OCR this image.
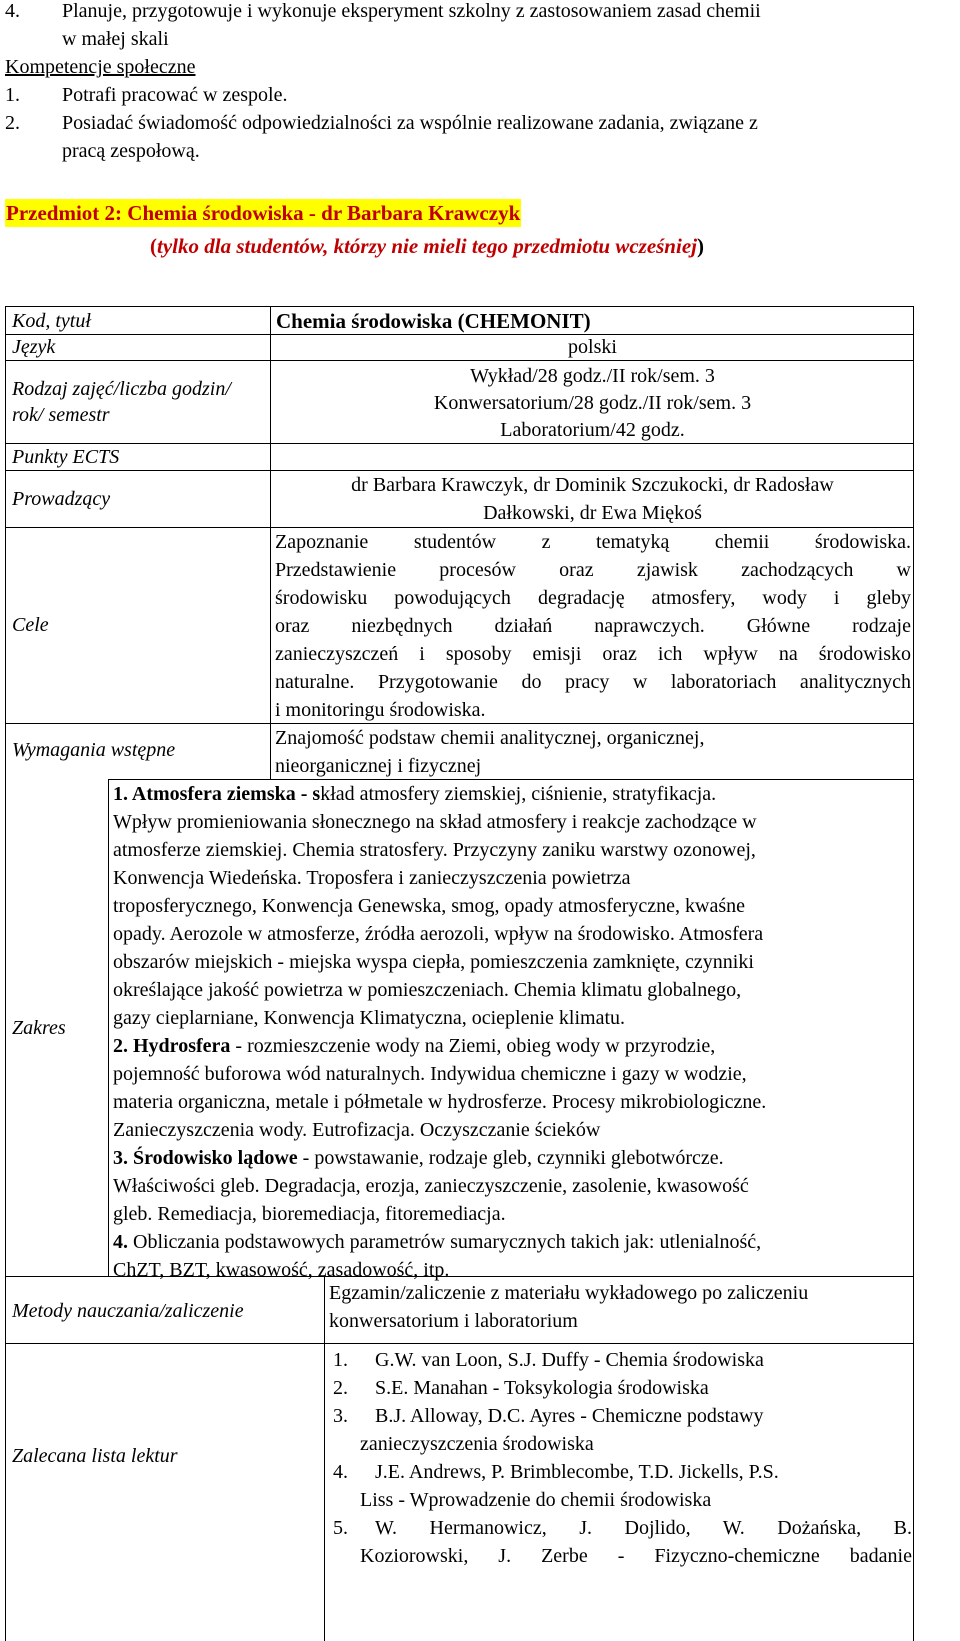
4. Planuje, przygotowuje i wykonuje eksperyment szkolny z zastosowaniem zasad chemii
w małej skali
Kompetencje społeczne
1. Potrafi pracować w zespole.
2. Posiadać świadomość odpowiedzialności za wspólnie realizowane zadania, związane z
pracą zespołową.
Przedmiot 2: Chemia środowiska - dr Barbara Krawczyk
(tylko dla studentów, którzy nie mieli tego przedmiotu wcześniej)
Kod, tytuł
Język
Rodzaj zajęć/liczba godzin/
rok/ semestr
Punkty ECTS
Prowadzący
Cele
Wymagania wstępne
Zakres
Metody nauczania/zaliczenie
Zalecana lista lektur
Chemia środowiska (CHEMONIT)
polski
Wykład/28 godz./II rok/sem. 3
Konwersatorium/28 godz./II rok/sem. 3
Laboratorium/42 godz.
dr Barbara Krawczyk, dr Dominik Szczukocki, dr Radosław
Dałkowski, dr Ewa Miękoś
Zapoznanie studentów z tematyką chemii środowiska.
Przedstawienie procesów oraz zjawisk zachodzących w
środowisku powodujących degradację atmosfery, wody i gleby
oraz niezbędnych działań naprawczych. Główne rodzaje
zanieczyszczeń i sposoby emisji oraz ich wpływ na środowisko
naturalne. Przygotowanie do pracy w laboratoriach analitycznych
i monitoringu środowiska.
Znajomość podstaw chemii analitycznej, organicznej,
nieorganicznej i fizycznej
1. Atmosfera ziemska - skład atmosfery ziemskiej, ciśnienie, stratyfikacja.
Wpływ promieniowania słonecznego na skład atmosfery i reakcje zachodzące w
atmosferze ziemskiej. Chemia stratosfery. Przyczyny zaniku warstwy ozonowej,
Konwencja Wiedeńska. Troposfera i zanieczyszczenia powietrza
troposferycznego, Konwencja Genewska, smog, opady atmosferyczne, kwaśne
opady. Aerozole w atmosferze, źródła aerozoli, wpływ na środowisko. Atmosfera
obszarów miejskich - miejska wyspa ciepła, pomieszczenia zamknięte, czynniki
określające jakość powietrza w pomieszczeniach. Chemia klimatu globalnego,
gazy cieplarniane, Konwencja Klimatyczna, ocieplenie klimatu.
2. Hydrosfera - rozmieszczenie wody na Ziemi, obieg wody w przyrodzie,
pojemność buforowa wód naturalnych. Indywidua chemiczne i gazy w wodzie,
materia organiczna, metale i półmetale w hydrosferze. Procesy mikrobiologiczne.
Zanieczyszczenia wody. Eutrofizacja. Oczyszczanie ścieków
3. Środowisko lądowe - powstawanie, rodzaje gleb, czynniki glebotwórcze.
Właściwości gleb. Degradacja, erozja, zanieczyszczenie, zasolenie, kwasowość
gleb. Remediacja, bioremediacja, fitoremediacja.
4. Obliczania podstawowych parametrów sumarycznych takich jak: utlenialność,
ChZT, BZT, kwasowość, zasadowość, itp.
Egzamin/zaliczenie z materiału wykładowego po zaliczeniu
konwersatorium i laboratorium
1. G.W. van Loon, S.J. Duffy - Chemia środowiska
2. S.E. Manahan - Toksykologia środowiska
3. B.J. Alloway, D.C. Ayres - Chemiczne podstawy
zanieczyszczenia środowiska
4. J.E. Andrews, P. Brimblecombe, T.D. Jickells, P.S.
Liss - Wprowadzenie do chemii środowiska
5. W. Hermanowicz, J. Dojlido, W. Dożańska, B.
Koziorowski, J. Zerbe - Fizyczno-chemiczne badanie
